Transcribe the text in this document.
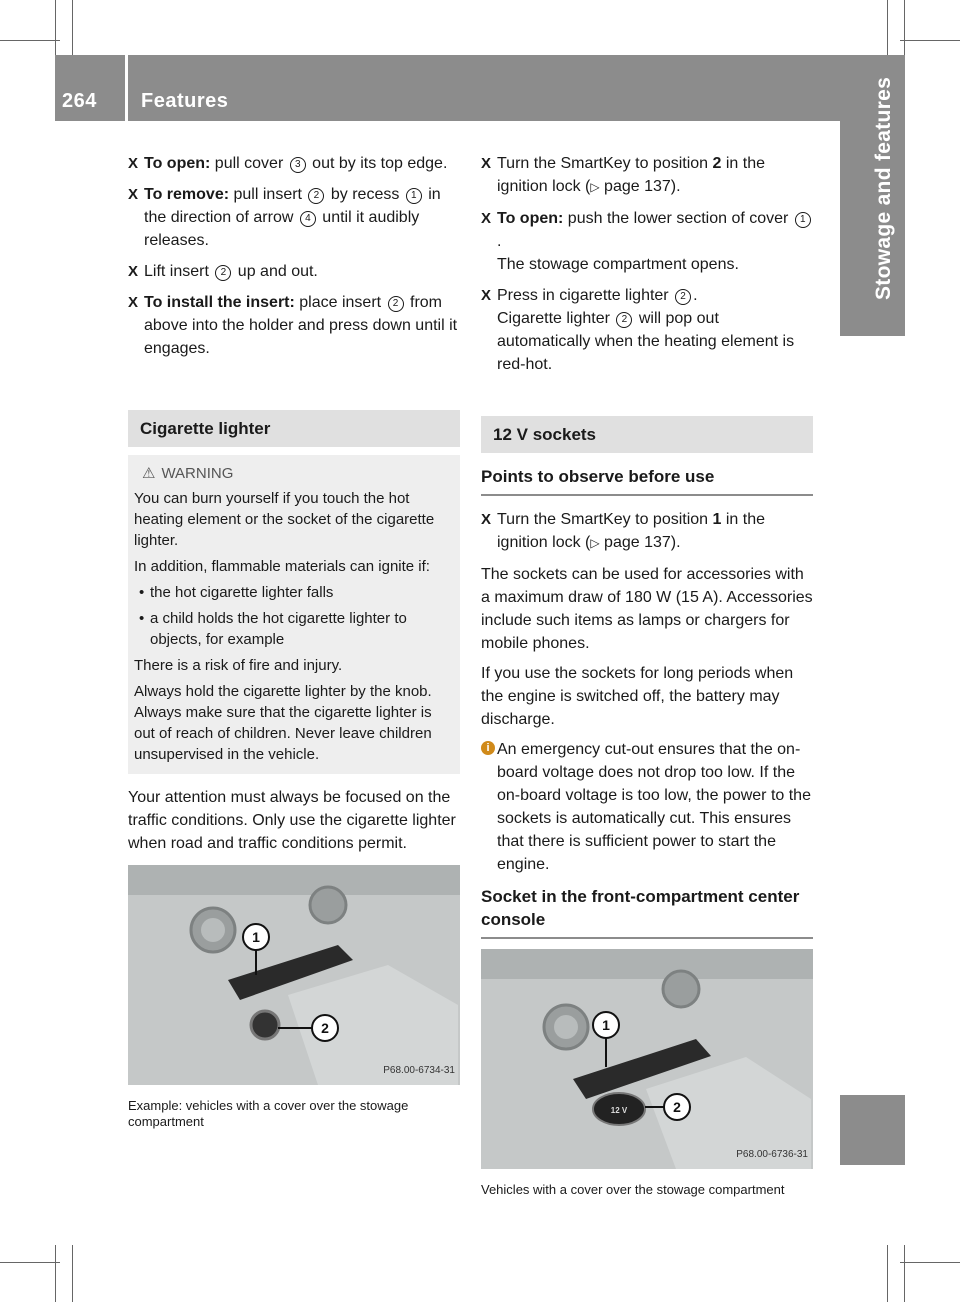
264 Features	Stowage and features
X To open: pull cover 3 out by its top edge.
X To remove: pull insert 2 by recess 1 in the direction of arrow 4 until it audibly releases.
X Lift insert 2 up and out.
X To install the insert: place insert 2 from above into the holder and press down until it engages.
Cigarette lighter
⚠ WARNING

You can burn yourself if you touch the hot heating element or the socket of the cigarette lighter.

In addition, flammable materials can ignite if:

• the hot cigarette lighter falls
• a child holds the hot cigarette lighter to objects, for example

There is a risk of fire and injury.

Always hold the cigarette lighter by the knob. Always make sure that the cigarette lighter is out of reach of children. Never leave children unsupervised in the vehicle.

Your attention must always be focused on the traffic conditions. Only use the cigarette lighter when road and traffic conditions permit.

1
2
P68.00-6734-31
Example: vehicles with a cover over the stowage compartment
X Turn the SmartKey to position 2 in the ignition lock (▷ page 137).
X To open: push the lower section of cover 1.
The stowage compartment opens.
X Press in cigarette lighter 2 .
Cigarette lighter 2 will pop out automatically when the heating element is red-hot.
12 V sockets
Points to observe before use
X Turn the SmartKey to position 1 in the ignition lock (▷ page 137).

The sockets can be used for accessories with a maximum draw of 180 W (15 A). Accessories include such items as lamps or chargers for mobile phones.

If you use the sockets for long periods when the engine is switched off, the battery may discharge.

i An emergency cut-out ensures that the on-board voltage does not drop too low. If the on-board voltage is too low, the power to the sockets is automatically cut. This ensures that there is sufficient power to start the engine.
Socket in the front-compartment center console
12 V
1
2
P68.00-6736-31
Vehicles with a cover over the stowage compartment
